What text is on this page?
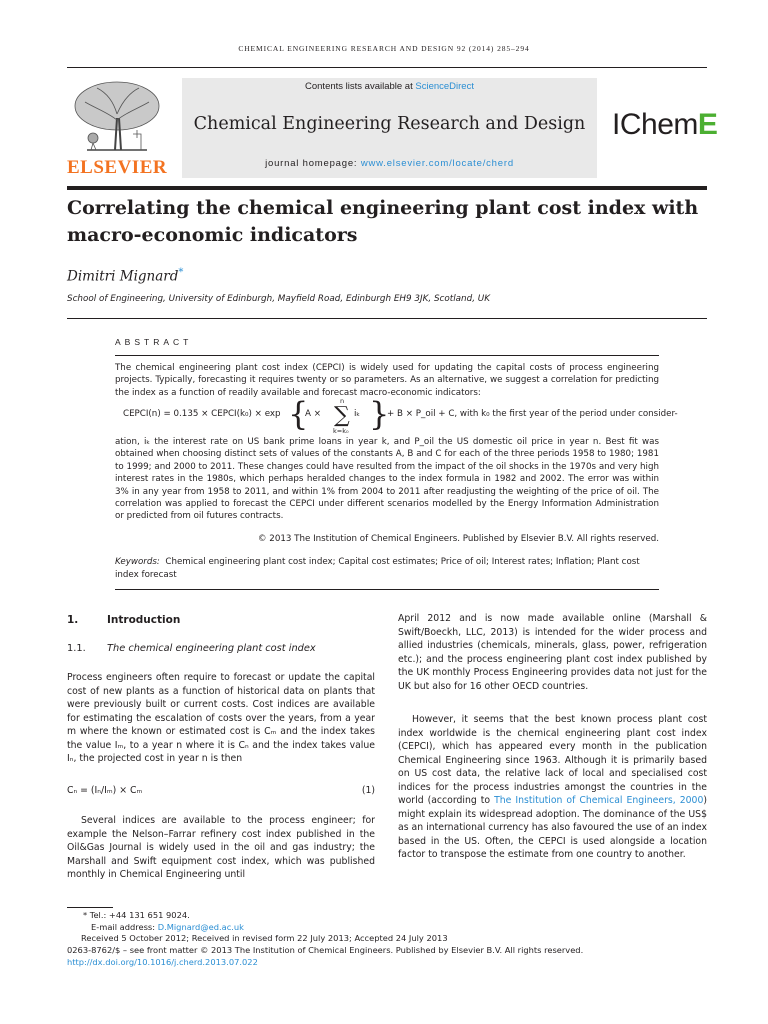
CHEMICAL ENGINEERING RESEARCH AND DESIGN 92 (2014) 285–294
ELSEVIER
Contents lists available at ScienceDirect
Chemical Engineering Research and Design
journal homepage: www.elsevier.com/locate/cherd
IChemE
Correlating the chemical engineering plant cost index with macro-economic indicators
Dimitri Mignard*
School of Engineering, University of Edinburgh, Mayfield Road, Edinburgh EH9 3JK, Scotland, UK
ABSTRACT
The chemical engineering plant cost index (CEPCI) is widely used for updating the capital costs of process engineering projects. Typically, forecasting it requires twenty or so parameters. As an alternative, we suggest a correlation for predicting the index as a function of readily available and forecast macro-economic indicators:
CEPCI(n) = 0.135 × CEPCI(k₀) × exp {
A ×
n
∑
k=k₀
iₖ }
+ B × P_oil + C, with k₀ the first year of the period under consider-
ation, iₖ the interest rate on US bank prime loans in year k, and P_oil the US domestic oil price in year n. Best fit was obtained when choosing distinct sets of values of the constants A, B and C for each of the three periods 1958 to 1980; 1981 to 1999; and 2000 to 2011. These changes could have resulted from the impact of the oil shocks in the 1970s and very high interest rates in the 1980s, which perhaps heralded changes to the index formula in 1982 and 2002. The error was within 3% in any year from 1958 to 2011, and within 1% from 2004 to 2011 after readjusting the weighting of the price of oil. The correlation was applied to forecast the CEPCI under different scenarios modelled by the Energy Information Administration or predicted from oil futures contracts.
© 2013 The Institution of Chemical Engineers. Published by Elsevier B.V. All rights reserved.
Keywords: Chemical engineering plant cost index; Capital cost estimates; Price of oil; Interest rates; Inflation; Plant cost index forecast
1.	Introduction
1.1. The chemical engineering plant cost index
Process engineers often require to forecast or update the capital cost of new plants as a function of historical data on plants that were previously built or current costs. Cost indices are available for estimating the escalation of costs over the years, from a year m where the known or estimated cost is Cₘ and the index takes the value Iₘ, to a year n where it is Cₙ and the index takes value Iₙ, the projected cost in year n is then
Cₙ = (Iₙ/Iₘ) × Cₘ	(1)
Several indices are available to the process engineer; for example the Nelson–Farrar refinery cost index published in the Oil&Gas Journal is widely used in the oil and gas industry; the Marshall and Swift equipment cost index, which was published monthly in Chemical Engineering until
April 2012 and is now made available online (Marshall & Swift/Boeckh, LLC, 2013) is intended for the wider process and allied industries (chemicals, minerals, glass, power, refrigeration etc.); and the process engineering plant cost index published by the UK monthly Process Engineering provides data not just for the UK but also for 16 other OECD countries.
However, it seems that the best known process plant cost index worldwide is the chemical engineering plant cost index (CEPCI), which has appeared every month in the publication Chemical Engineering since 1963. Although it is primarily based on US cost data, the relative lack of local and specialised cost indices for the process industries amongst the countries in the world (according to The Institution of Chemical Engineers, 2000) might explain its widespread adoption. The dominance of the US$ as an international currency has also favoured the use of an index based in the US. Often, the CEPCI is used alongside a location factor to transpose the estimate from one country to another.
* Tel.: +44 131 651 9024.
E-mail address: D.Mignard@ed.ac.uk
Received 5 October 2012; Received in revised form 22 July 2013; Accepted 24 July 2013
0263-8762/$ – see front matter © 2013 The Institution of Chemical Engineers. Published by Elsevier B.V. All rights reserved.
http://dx.doi.org/10.1016/j.cherd.2013.07.022
